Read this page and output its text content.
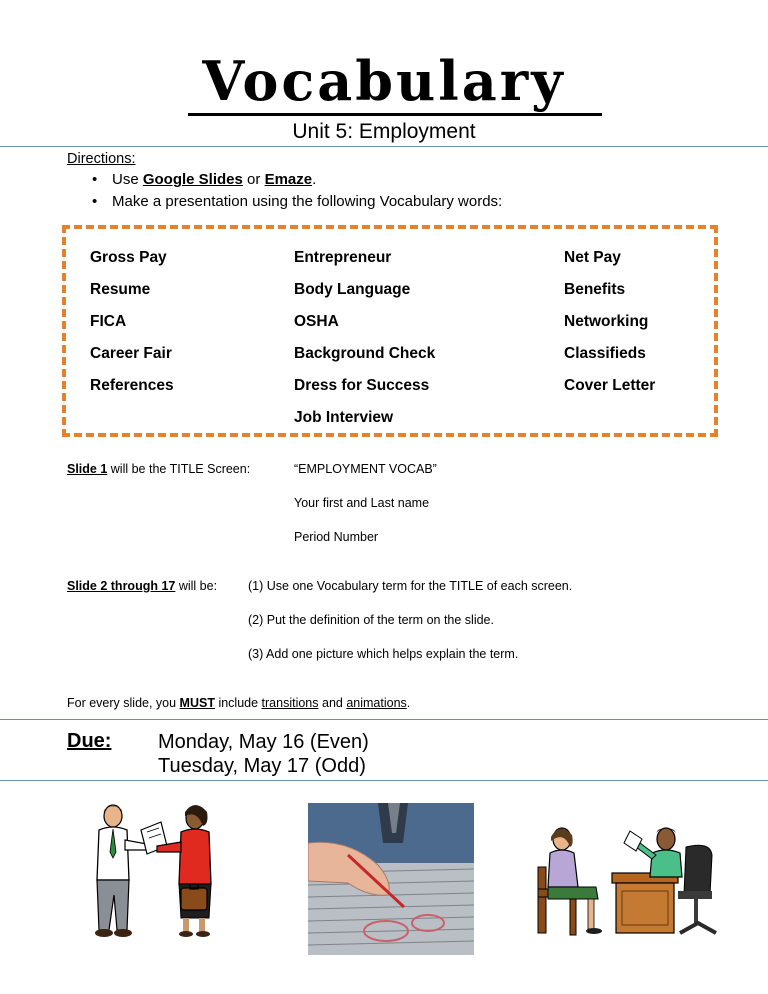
Vocabulary
Unit 5: Employment
Directions:
• Use Google Slides or Emaze.
• Make a presentation using the following Vocabulary words:
Gross Pay
Resume
FICA
Career Fair
References
Entrepreneur
Body Language
OSHA
Background Check
Dress for Success
Job Interview
Net Pay
Benefits
Networking
Classifieds
Cover Letter
Slide 1 will be the TITLE Screen:	“EMPLOYMENT VOCAB”
Your first and Last name
Period Number
Slide 2 through 17 will be: (1) Use one Vocabulary term for the TITLE of each screen.
(2) Put the definition of the term on the slide.
(3) Add one picture which helps explain the term.
For every slide, you MUST include transitions and animations.
Due: Monday, May 16 (Even)
Tuesday, May 17 (Odd)
